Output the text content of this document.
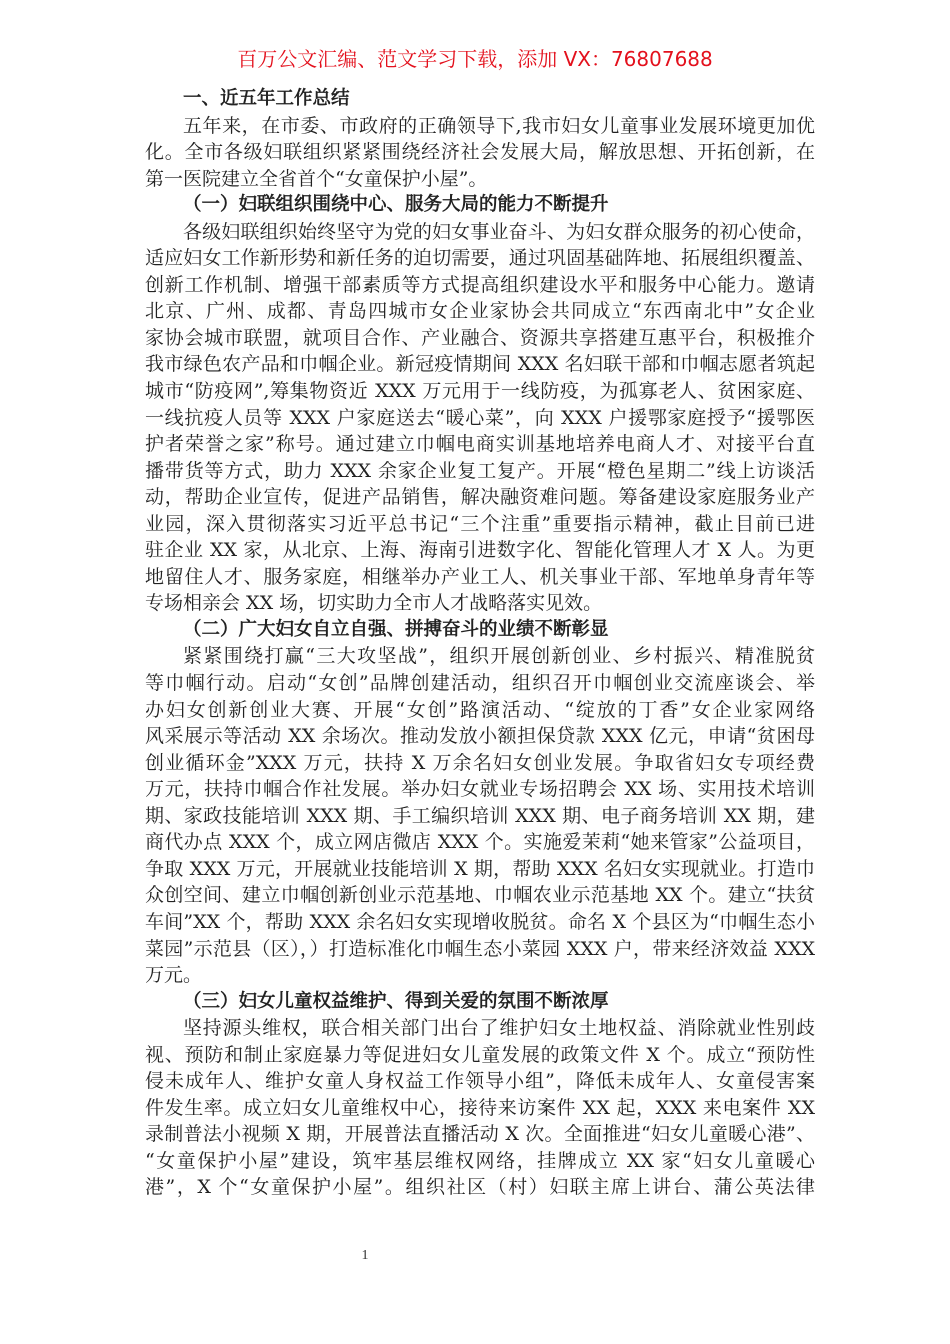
百万公文汇编、范文学习下载，添加 VX：76807688
一、近五年工作总结
五年来，在市委、市政府的正确领导下,我市妇女儿童事业发展环境更加优
化。全市各级妇联组织紧紧围绕经济社会发展大局，解放思想、开拓创新，在
第一医院建立全省首个“女童保护小屋”。
（一）妇联组织围绕中心、服务大局的能力不断提升
各级妇联组织始终坚守为党的妇女事业奋斗、为妇女群众服务的初心使命，
适应妇女工作新形势和新任务的迫切需要，通过巩固基础阵地、拓展组织覆盖、
创新工作机制、增强干部素质等方式提高组织建设水平和服务中心能力。邀请
北京、广州、成都、青岛四城市女企业家协会共同成立“东西南北中”女企业
家协会城市联盟，就项目合作、产业融合、资源共享搭建互惠平台，积极推介
我市绿色农产品和巾帼企业。新冠疫情期间 XXX 名妇联干部和巾帼志愿者筑起
城市“防疫网”,筹集物资近 XXX 万元用于一线防疫，为孤寡老人、贫困家庭、
一线抗疫人员等 XXX 户家庭送去“暖心菜”，向 XXX 户援鄂家庭授予“援鄂医
护者荣誉之家”称号。通过建立巾帼电商实训基地培养电商人才、对接平台直
播带货等方式，助力 XXX 余家企业复工复产。开展“橙色星期二”线上访谈活
动，帮助企业宣传，促进产品销售，解决融资难问题。筹备建设家庭服务业产
业园，深入贯彻落实习近平总书记“三个注重”重要指示精神，截止目前已进
驻企业 XX 家，从北京、上海、海南引进数字化、智能化管理人才 X 人。为更
地留住人才、服务家庭，相继举办产业工人、机关事业干部、军地单身青年等
专场相亲会 XX 场，切实助力全市人才战略落实见效。
（二）广大妇女自立自强、拼搏奋斗的业绩不断彰显
紧紧围绕打赢“三大攻坚战”，组织开展创新创业、乡村振兴、精准脱贫
等巾帼行动。启动“女创”品牌创建活动，组织召开巾帼创业交流座谈会、举
办妇女创新创业大赛、开展“女创”路演活动、“绽放的丁香”女企业家网络
风采展示等活动 XX 余场次。推动发放小额担保贷款 XXX 亿元，申请“贫困母
创业循环金”XXX 万元，扶持 X 万余名妇女创业发展。争取省妇女专项经费
万元，扶持巾帼合作社发展。举办妇女就业专场招聘会 XX 场、实用技术培训
期、家政技能培训 XXX 期、手工编织培训 XXX 期、电子商务培训 XX 期，建
商代办点 XXX 个，成立网店微店 XXX 个。实施爱茉莉“她来管家”公益项目，
争取 XXX 万元，开展就业技能培训 X 期，帮助 XXX 名妇女实现就业。打造巾
众创空间、建立巾帼创新创业示范基地、巾帼农业示范基地 XX 个。建立“扶贫
车间”XX 个，帮助 XXX 余名妇女实现增收脱贫。命名 X 个县区为“巾帼生态小
菜园”示范县（区），）打造标准化巾帼生态小菜园 XXX 户，带来经济效益 XXX
万元。
（三）妇女儿童权益维护、得到关爱的氛围不断浓厚
坚持源头维权，联合相关部门出台了维护妇女土地权益、消除就业性别歧
视、预防和制止家庭暴力等促进妇女儿童发展的政策文件 X 个。成立“预防性
侵未成年人、维护女童人身权益工作领导小组”，降低未成年人、女童侵害案
件发生率。成立妇女儿童维权中心，接待来访案件 XX 起，XXX 来电案件 XX
录制普法小视频 X 期，开展普法直播活动 X 次。全面推进“妇女儿童暖心港”、
“女童保护小屋”建设，筑牢基层维权网络，挂牌成立 XX 家“妇女儿童暖心
港”，X 个“女童保护小屋”。组织社区（村）妇联主席上讲台、蒲公英法律
1
